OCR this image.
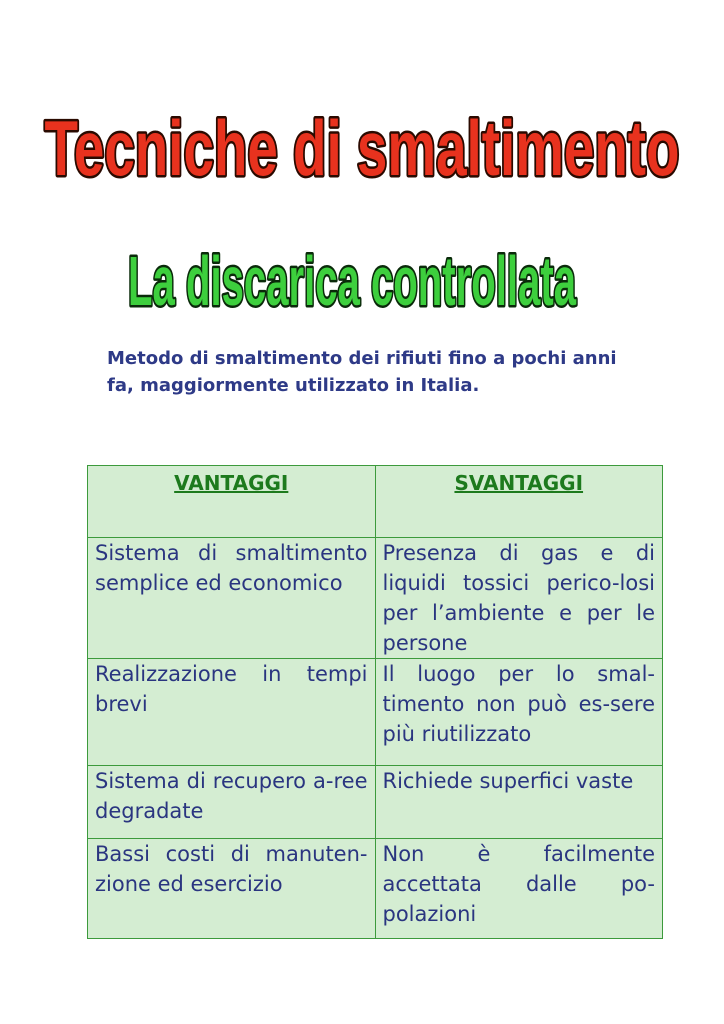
Tecniche di smaltimento
La discarica controllata
Metodo di smaltimento dei rifiuti fino a pochi anni fa, maggiormente utilizzato in Italia.
VANTAGGI	SVANTAGGI
Sistema di smaltimento semplice ed economico	Presenza di gas e di liquidi tossici perico-losi per l’ambiente e per le persone
Realizzazione in tempi brevi	Il luogo per lo smal-timento non può es-sere più riutilizzato
Sistema di recupero a-ree degradate	Richiede superfici vaste
Bassi costi di manuten-zione ed esercizio	Non è facilmente accettata dalle po-polazioni
